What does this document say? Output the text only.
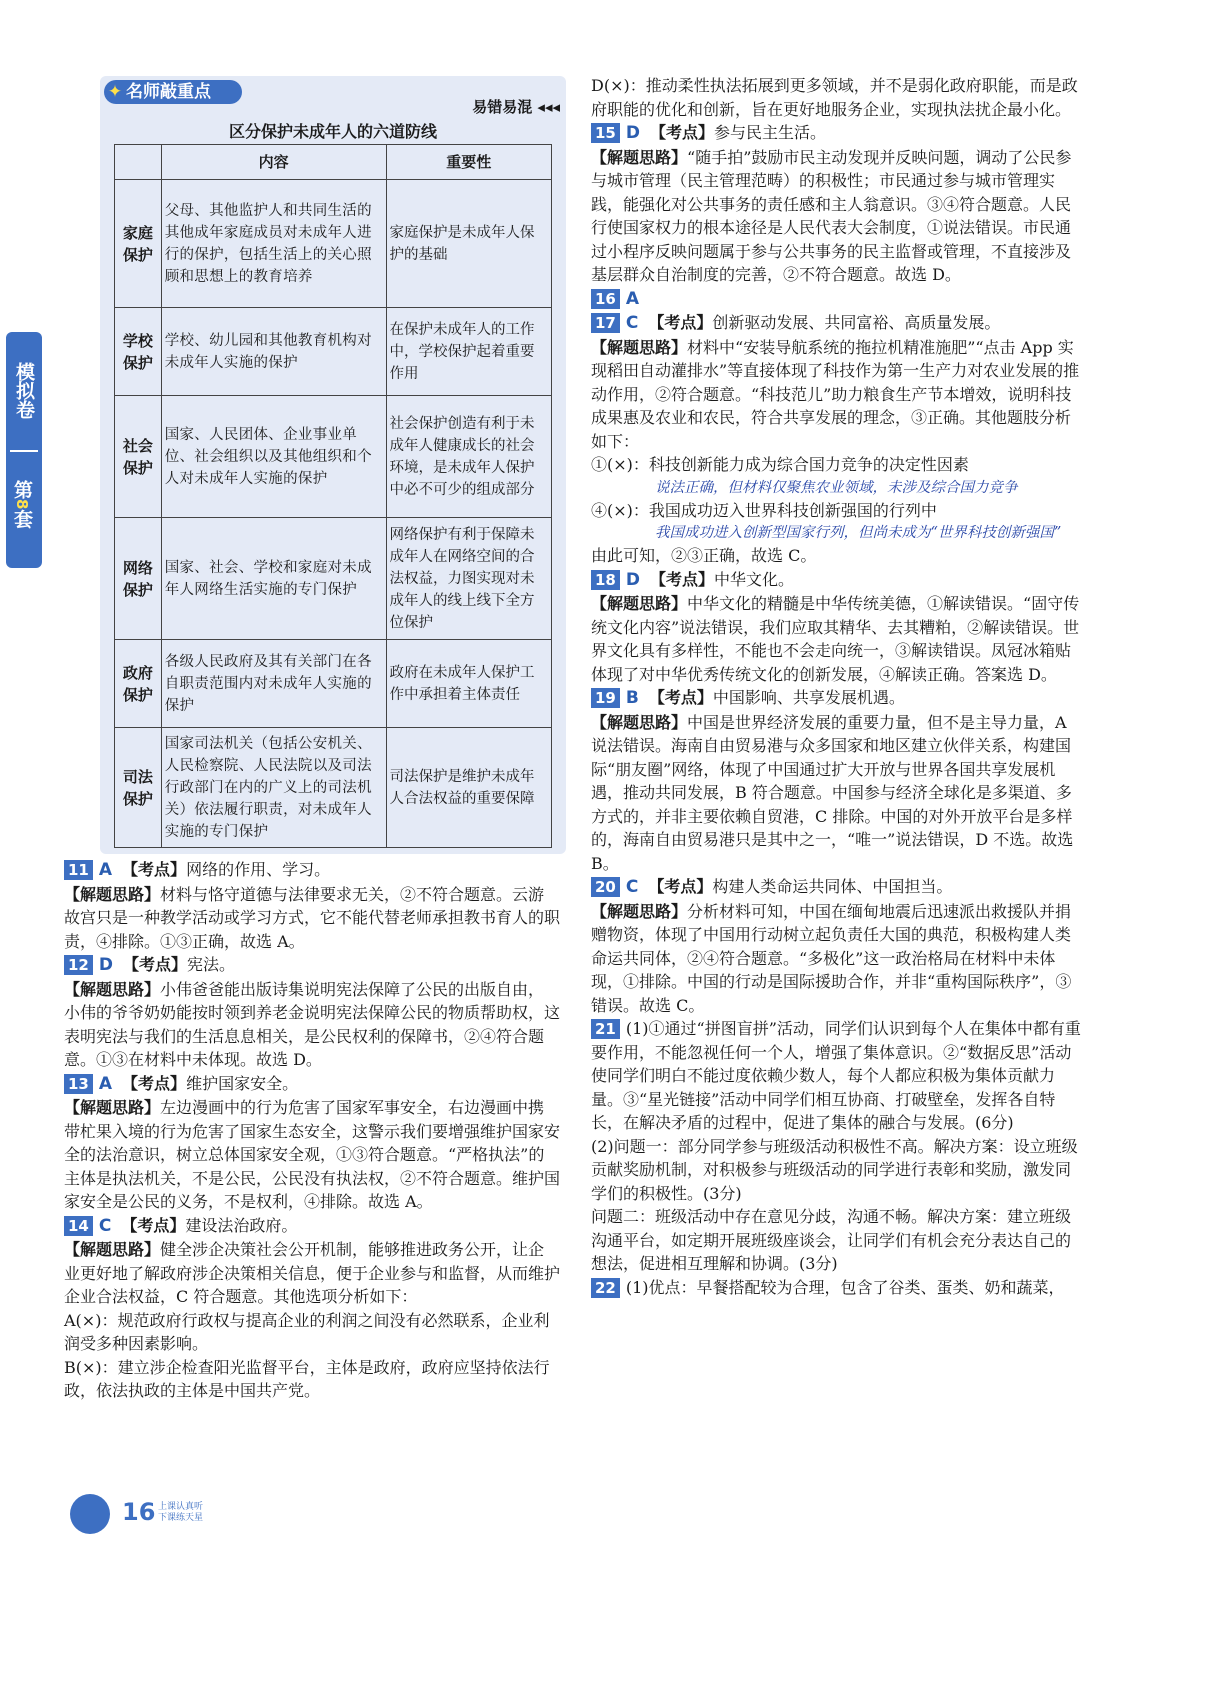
模拟卷
第8套
✦ 名师敲重点
易错易混 ◂◂◂
区分保护未成年人的六道防线
	内容	重要性
家庭保护	父母、其他监护人和共同生活的其他成年家庭成员对未成年人进行的保护，包括生活上的关心照顾和思想上的教育培养	家庭保护是未成年人保护的基础
学校保护	学校、幼儿园和其他教育机构对未成年人实施的保护	在保护未成年人的工作中，学校保护起着重要作用
社会保护	国家、人民团体、企业事业单位、社会组织以及其他组织和个人对未成年人实施的保护	社会保护创造有利于未成年人健康成长的社会环境，是未成年人保护中必不可少的组成部分
网络保护	国家、社会、学校和家庭对未成年人网络生活实施的专门保护	网络保护有利于保障未成年人在网络空间的合法权益，力图实现对未成年人的线上线下全方位保护
政府保护	各级人民政府及其有关部门在各自职责范围内对未成年人实施的保护	政府在未成年人保护工作中承担着主体责任
司法保护	国家司法机关（包括公安机关、人民检察院、人民法院以及司法行政部门在内的广义上的司法机关）依法履行职责，对未成年人实施的专门保护	司法保护是维护未成年人合法权益的重要保障

11 A 【考点】网络的作用、学习。

【解题思路】材料与恪守道德与法律要求无关，②不符合题意。云游故宫只是一种教学活动或学习方式，它不能代替老师承担教书育人的职责，④排除。①③正确，故选 A。

12 D 【考点】宪法。

【解题思路】小伟爸爸能出版诗集说明宪法保障了公民的出版自由，小伟的爷爷奶奶能按时领到养老金说明宪法保障公民的物质帮助权，这表明宪法与我们的生活息息相关，是公民权利的保障书，②④符合题意。①③在材料中未体现。故选 D。

13 A 【考点】维护国家安全。

【解题思路】左边漫画中的行为危害了国家军事安全，右边漫画中携带杧果入境的行为危害了国家生态安全，这警示我们要增强维护国家安全的法治意识，树立总体国家安全观，①③符合题意。“严格执法”的主体是执法机关，不是公民，公民没有执法权，②不符合题意。维护国家安全是公民的义务，不是权利，④排除。故选 A。

14 C 【考点】建设法治政府。

【解题思路】健全涉企决策社会公开机制，能够推进政务公开，让企业更好地了解政府涉企决策相关信息，便于企业参与和监督，从而维护企业合法权益，C 符合题意。其他选项分析如下：

A(×)：规范政府行政权与提高企业的利润之间没有必然联系，企业利润受多种因素影响。

B(×)：建立涉企检查阳光监督平台，主体是政府，政府应坚持依法行政，依法执政的主体是中国共产党。

D(×)：推动柔性执法拓展到更多领域，并不是弱化政府职能，而是政府职能的优化和创新，旨在更好地服务企业，实现执法扰企最小化。

15 D 【考点】参与民主生活。

【解题思路】“随手拍”鼓励市民主动发现并反映问题，调动了公民参与城市管理（民主管理范畴）的积极性；市民通过参与城市管理实践，能强化对公共事务的责任感和主人翁意识。③④符合题意。人民行使国家权力的根本途径是人民代表大会制度，①说法错误。市民通过小程序反映问题属于参与公共事务的民主监督或管理，不直接涉及基层群众自治制度的完善，②不符合题意。故选 D。

16 A

17 C 【考点】创新驱动发展、共同富裕、高质量发展。

【解题思路】材料中“安装导航系统的拖拉机精准施肥”“点击 App 实现稻田自动灌排水”等直接体现了科技作为第一生产力对农业发展的推动作用，②符合题意。“科技范儿”助力粮食生产节本增效，说明科技成果惠及农业和农民，符合共享发展的理念，③正确。其他题肢分析如下：

①(×)：科技创新能力成为综合国力竞争的决定性因素

说法正确，但材料仅聚焦农业领域，未涉及综合国力竞争

④(×)：我国成功迈入世界科技创新强国的行列中

我国成功进入创新型国家行列，但尚未成为“世界科技创新强国”

由此可知，②③正确，故选 C。

18 D 【考点】中华文化。

【解题思路】中华文化的精髓是中华传统美德，①解读错误。“固守传统文化内容”说法错误，我们应取其精华、去其糟粕，②解读错误。世界文化具有多样性，不能也不会走向统一，③解读错误。凤冠冰箱贴体现了对中华优秀传统文化的创新发展，④解读正确。答案选 D。

19 B 【考点】中国影响、共享发展机遇。

【解题思路】中国是世界经济发展的重要力量，但不是主导力量，A 说法错误。海南自由贸易港与众多国家和地区建立伙伴关系，构建国际“朋友圈”网络，体现了中国通过扩大开放与世界各国共享发展机遇，推动共同发展，B 符合题意。中国参与经济全球化是多渠道、多方式的，并非主要依赖自贸港，C 排除。中国的对外开放平台是多样的，海南自由贸易港只是其中之一，“唯一”说法错误，D 不选。故选 B。

20 C 【考点】构建人类命运共同体、中国担当。

【解题思路】分析材料可知，中国在缅甸地震后迅速派出救援队并捐赠物资，体现了中国用行动树立起负责任大国的典范，积极构建人类命运共同体，②④符合题意。“多极化”这一政治格局在材料中未体现，①排除。中国的行动是国际援助合作，并非“重构国际秩序”，③错误。故选 C。

21 (1)①通过“拼图盲拼”活动，同学们认识到每个人在集体中都有重要作用，不能忽视任何一个人，增强了集体意识。②“数据反思”活动使同学们明白不能过度依赖少数人，每个人都应积极为集体贡献力量。③“星光链接”活动中同学们相互协商、打破壁垒，发挥各自特长，在解决矛盾的过程中，促进了集体的融合与发展。(6分)

(2)问题一：部分同学参与班级活动积极性不高。解决方案：设立班级贡献奖励机制，对积极参与班级活动的同学进行表彰和奖励，激发同学们的积极性。(3分)

问题二：班级活动中存在意见分歧，沟通不畅。解决方案：建立班级沟通平台，如定期开展班级座谈会，让同学们有机会充分表达自己的想法，促进相互理解和协调。(3分)

22 (1)优点：早餐搭配较为合理，包含了谷类、蛋类、奶和蔬菜，

16 上课认真听
下课练天星
